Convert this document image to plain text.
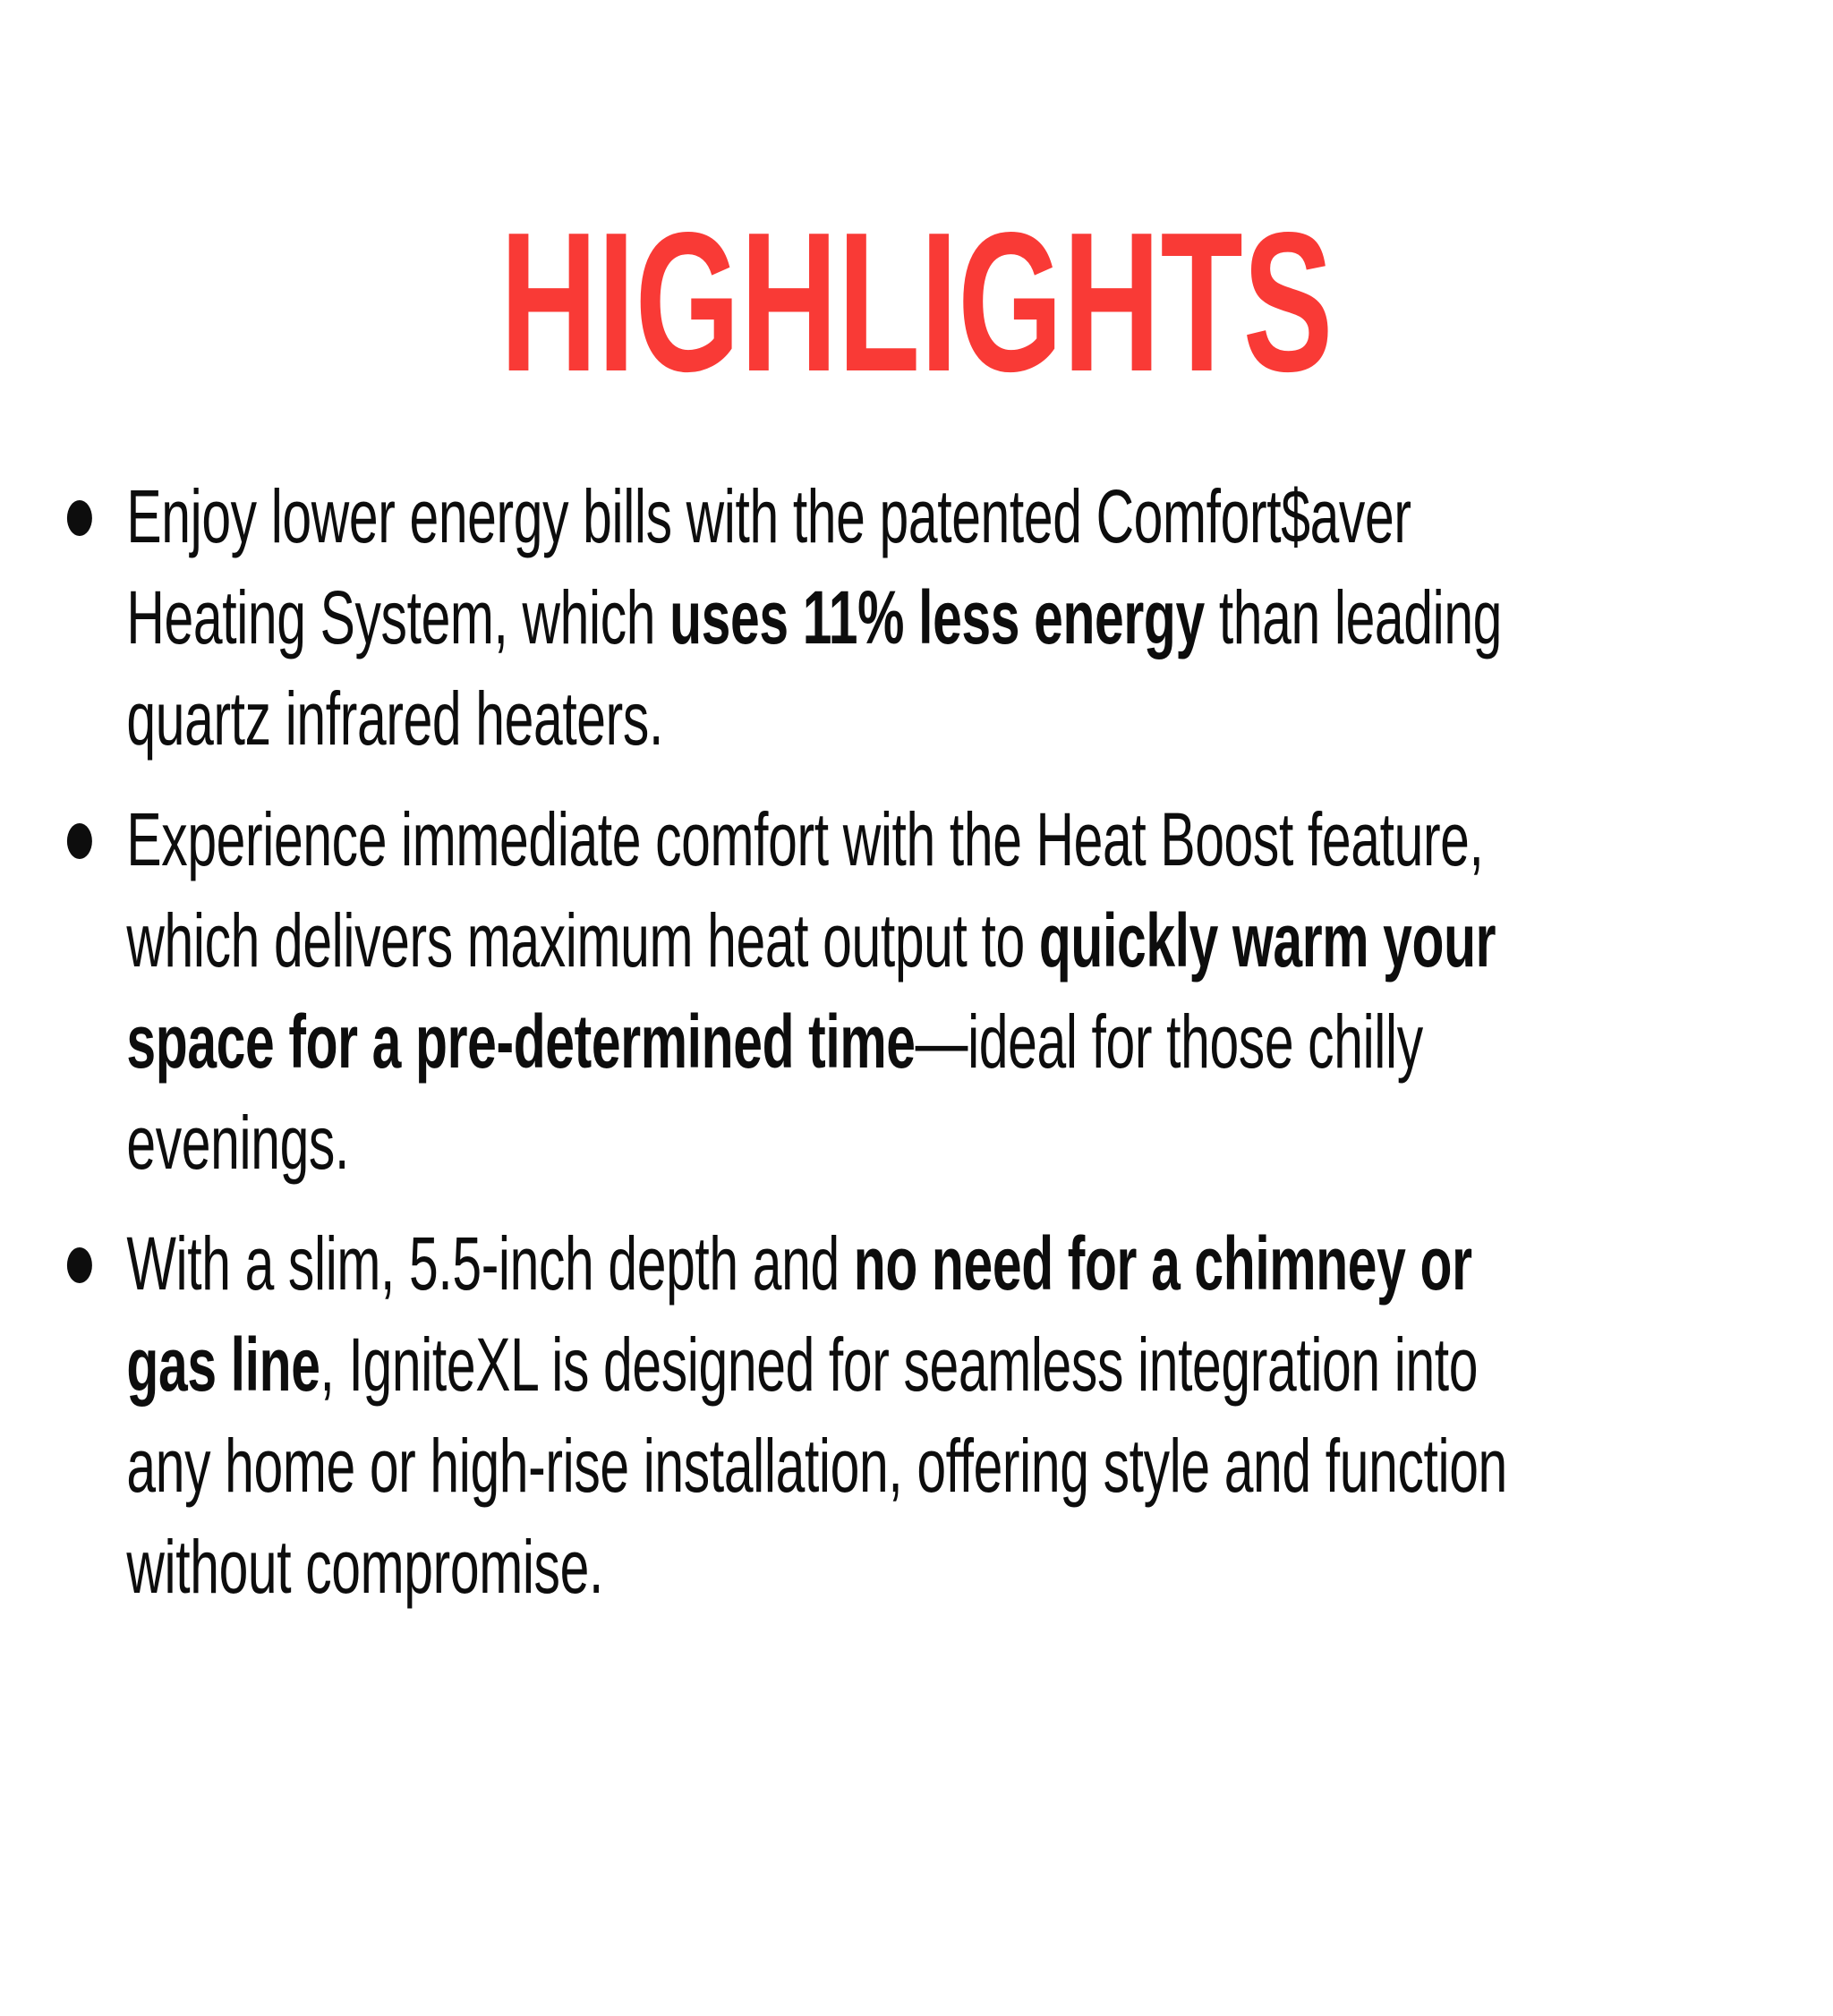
HIGHLIGHTS
Enjoy lower energy bills with the patented Comfort$aver
Heating System, which uses 11% less energy than leading
quartz infrared heaters.
Experience immediate comfort with the Heat Boost feature,
which delivers maximum heat output to quickly warm your
space for a pre-determined time—ideal for those chilly
evenings.
With a slim, 5.5-inch depth and no need for a chimney or
gas line, IgniteXL is designed for seamless integration into
any home or high-rise installation, offering style and function
without compromise.
